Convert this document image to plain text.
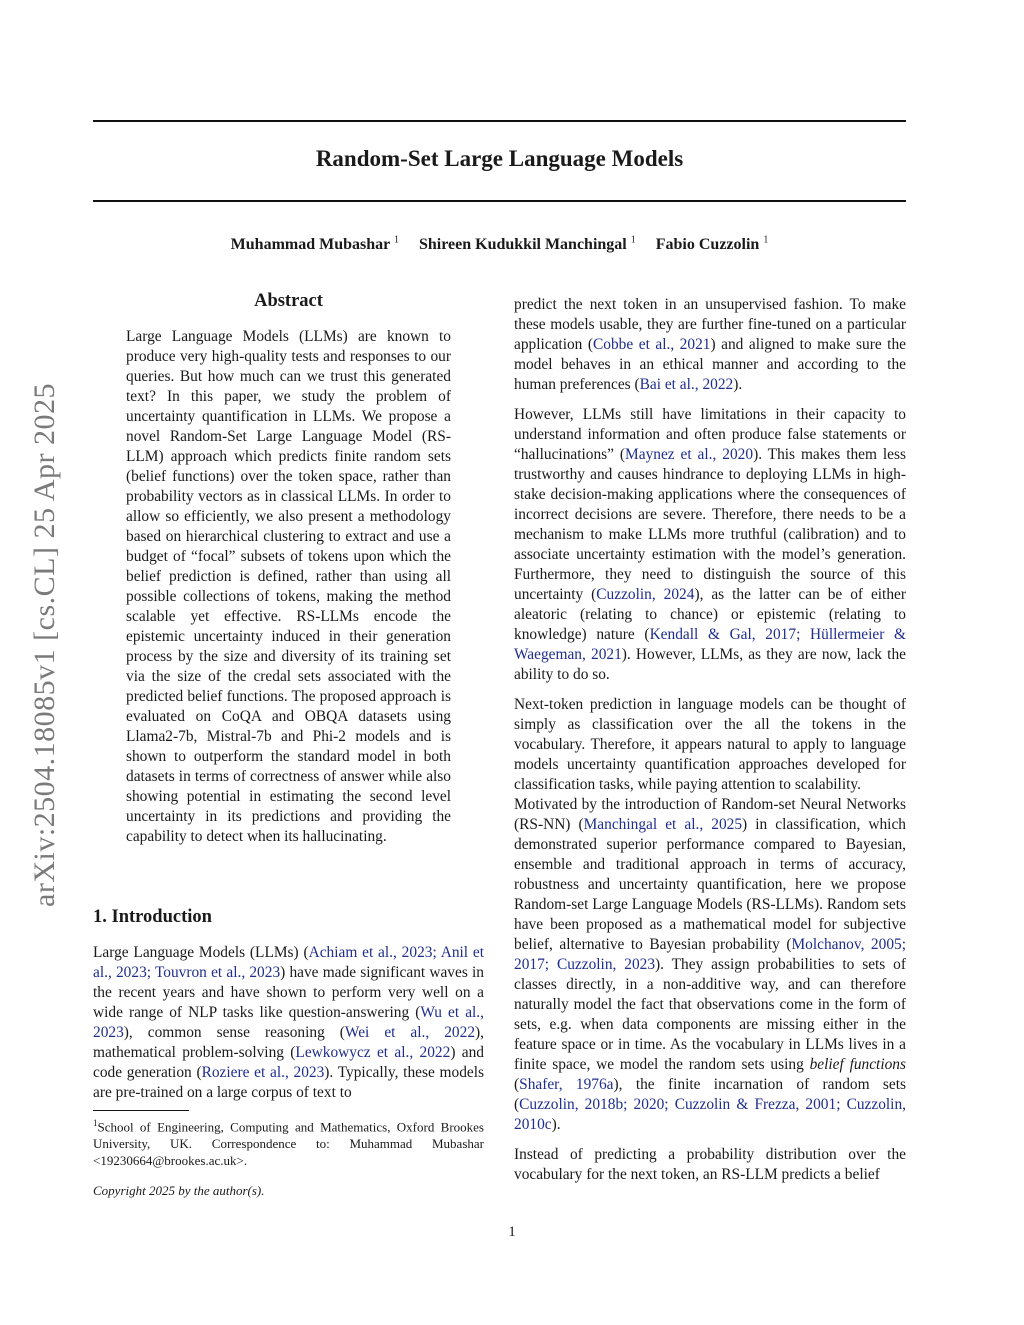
Random-Set Large Language Models
Muhammad Mubashar $^1$ Shireen Kudukkil Manchingal $^1$ Fabio Cuzzolin $^1$
arXiv:2504.18085v1 [cs.CL] 25 Apr 2025
Abstract

Large Language Models (LLMs) are known to produce very high-quality tests and responses to our queries. But how much can we trust this generated text? In this paper, we study the problem of uncertainty quantification in LLMs. We propose a novel Random-Set Large Language Model (RS-LLM) approach which predicts finite random sets (belief functions) over the token space, rather than probability vectors as in classical LLMs. In order to allow so efficiently, we also present a methodology based on hierarchical clustering to extract and use a budget of “focal” subsets of tokens upon which the belief prediction is defined, rather than using all possible collections of tokens, making the method scalable yet effective. RS-LLMs encode the epistemic uncertainty induced in their generation process by the size and diversity of its training set via the size of the credal sets associated with the predicted belief functions. The proposed approach is evaluated on CoQA and OBQA datasets using Llama2-7b, Mistral-7b and Phi-2 models and is shown to outperform the standard model in both datasets in terms of correctness of answer while also showing potential in estimating the second level uncertainty in its predictions and providing the capability to detect when its hallucinating.

1. Introduction

Large Language Models (LLMs) (Achiam et al., 2023; Anil et al., 2023; Touvron et al., 2023) have made significant waves in the recent years and have shown to perform very well on a wide range of NLP tasks like question-answering (Wu et al., 2023), common sense reasoning (Wei et al., 2022), mathematical problem-solving (Lewkowycz et al., 2022) and code generation (Roziere et al., 2023). Typically, these models are pre-trained on a large corpus of text to

$^1$School of Engineering, Computing and Mathematics, Oxford Brookes University, UK. Correspondence to: Muhammad Mubashar <19230664@brookes.ac.uk>.
Copyright 2025 by the author(s).

predict the next token in an unsupervised fashion. To make these models usable, they are further fine-tuned on a particular application (Cobbe et al., 2021) and aligned to make sure the model behaves in an ethical manner and according to the human preferences (Bai et al., 2022).

However, LLMs still have limitations in their capacity to understand information and often produce false statements or “hallucinations” (Maynez et al., 2020). This makes them less trustworthy and causes hindrance to deploying LLMs in high-stake decision-making applications where the consequences of incorrect decisions are severe. Therefore, there needs to be a mechanism to make LLMs more truthful (calibration) and to associate uncertainty estimation with the model’s generation. Furthermore, they need to distinguish the source of this uncertainty (Cuzzolin, 2024), as the latter can be of either aleatoric (relating to chance) or epistemic (relating to knowledge) nature (Kendall & Gal, 2017; Hüllermeier & Waegeman, 2021). However, LLMs, as they are now, lack the ability to do so.

Next-token prediction in language models can be thought of simply as classification over the all the tokens in the vocabulary. Therefore, it appears natural to apply to language models uncertainty quantification approaches developed for classification tasks, while paying attention to scalability.

Motivated by the introduction of Random-set Neural Networks (RS-NN) (Manchingal et al., 2025) in classification, which demonstrated superior performance compared to Bayesian, ensemble and traditional approach in terms of accuracy, robustness and uncertainty quantification, here we propose Random-set Large Language Models (RS-LLMs). Random sets have been proposed as a mathematical model for subjective belief, alternative to Bayesian probability (Molchanov, 2005; 2017; Cuzzolin, 2023). They assign probabilities to sets of classes directly, in a non-additive way, and can therefore naturally model the fact that observations come in the form of sets, e.g. when data components are missing either in the feature space or in time. As the vocabulary in LLMs lives in a finite space, we model the random sets using belief functions (Shafer, 1976a), the finite incarnation of random sets (Cuzzolin, 2018b; 2020; Cuzzolin & Frezza, 2001; Cuzzolin, 2010c).

Instead of predicting a probability distribution over the vocabulary for the next token, an RS-LLM predicts a belief

1
